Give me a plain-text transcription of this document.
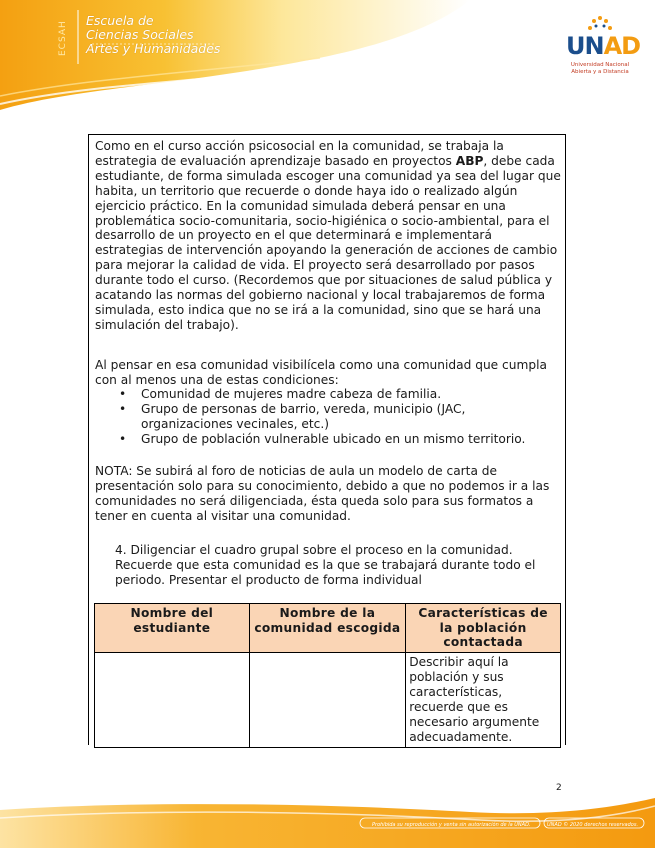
ECSAH	Escuela de
Ciencias Sociales
Artes y Humanidades	UNAD
Universidad Nacional
Abierta y a Distancia
Como en el curso acción psicosocial en la comunidad, se trabaja la estrategia de evaluación aprendizaje basado en proyectos ABP, debe cada estudiante, de forma simulada escoger una comunidad ya sea del lugar que habita, un territorio que recuerde o donde haya ido o realizado algún ejercicio práctico. En la comunidad simulada deberá pensar en una problemática socio-comunitaria, socio-higiénica o socio-ambiental, para el desarrollo de un proyecto en el que determinará e implementará estrategias de intervención apoyando la generación de acciones de cambio para mejorar la calidad de vida. El proyecto será desarrollado por pasos durante todo el curso. (Recordemos que por situaciones de salud pública y acatando las normas del gobierno nacional y local trabajaremos de forma simulada, esto indica que no se irá a la comunidad, sino que se hará una simulación del trabajo).
Al pensar en esa comunidad visibilícela como una comunidad que cumpla con al menos una de estas condiciones:
• Comunidad de mujeres madre cabeza de familia.
• Grupo de personas de barrio, vereda, municipio (JAC, organizaciones vecinales, etc.)
• Grupo de población vulnerable ubicado en un mismo territorio.
NOTA: Se subirá al foro de noticias de aula un modelo de carta de presentación solo para su conocimiento, debido a que no podemos ir a las comunidades no será diligenciada, ésta queda solo para sus formatos a tener en cuenta al visitar una comunidad.
4. Diligenciar el cuadro grupal sobre el proceso en la comunidad. Recuerde que esta comunidad es la que se trabajará durante todo el periodo. Presentar el producto de forma individual
Nombre del estudiante	Nombre de la comunidad escogida	Características de la población contactada
		Describir aquí la población y sus características, recuerde que es necesario argumente adecuadamente.
2
Prohibida su reproducción y venta sin autorización de la UNAD.	UNAD © 2020 derechos reservados.
